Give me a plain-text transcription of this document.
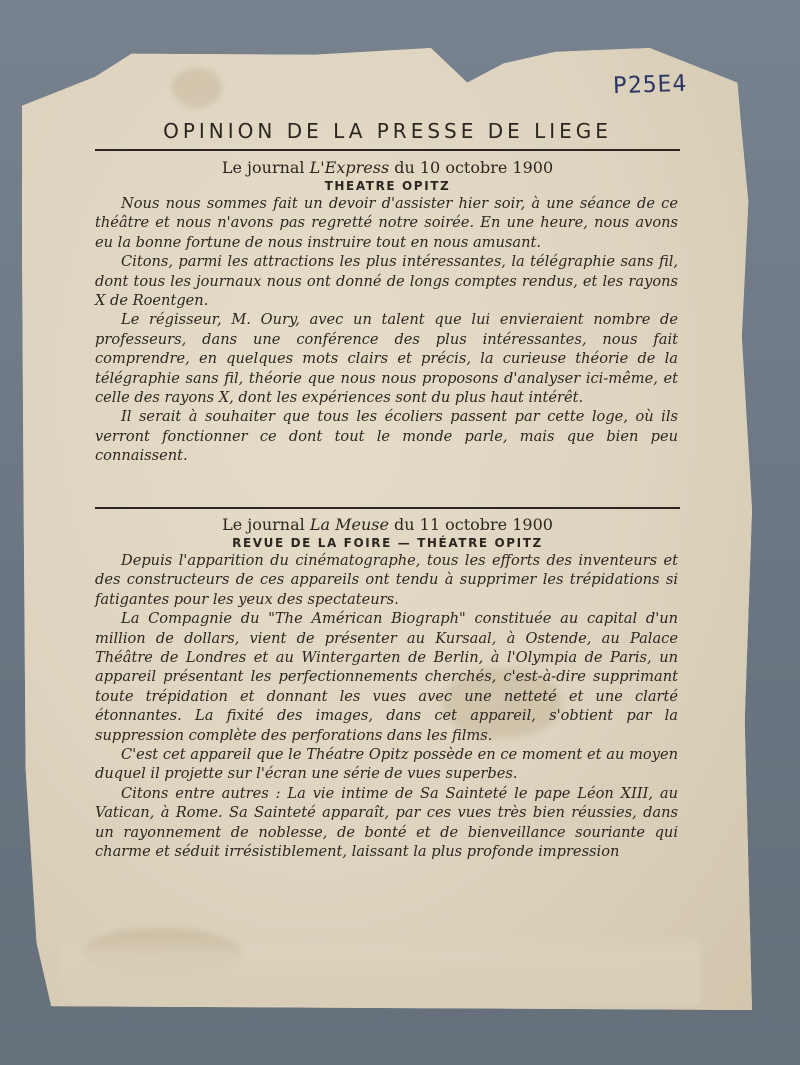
P25E4
OPINION DE LA PRESSE DE LIEGE
Le journal L'Express du 10 octobre 1900
THEATRE OPITZ

Nous nous sommes fait un devoir d'assister hier soir, à une séance de ce théâtre et nous n'avons pas regretté notre soirée. En une heure, nous avons eu la bonne fortune de nous instruire tout en nous amusant.

Citons, parmi les attractions les plus intéressantes, la télégraphie sans fil, dont tous les journaux nous ont donné de longs comptes rendus, et les rayons X de Roentgen.

Le régisseur, M. Oury, avec un talent que lui envieraient nombre de professeurs, dans une conférence des plus intéressantes, nous fait comprendre, en quelques mots clairs et précis, la curieuse théorie de la télégraphie sans fil, théorie que nous nous proposons d'analyser ici-même, et celle des rayons X, dont les expériences sont du plus haut intérêt.

Il serait à souhaiter que tous les écoliers passent par cette loge, où ils verront fonctionner ce dont tout le monde parle, mais que bien peu connaissent.

Le journal La Meuse du 11 octobre 1900
REVUE DE LA FOIRE — THÉATRE OPITZ

Depuis l'apparition du cinématographe, tous les efforts des inventeurs et des constructeurs de ces appareils ont tendu à supprimer les trépidations si fatigantes pour les yeux des spectateurs.

La Compagnie du "The Américan Biograph" constituée au capital d'un million de dollars, vient de présenter au Kursaal, à Ostende, au Palace Théâtre de Londres et au Wintergarten de Berlin, à l'Olympia de Paris, un appareil présentant les perfectionnements cherchés, c'est-à-dire supprimant toute trépidation et donnant les vues avec une netteté et une clarté étonnantes. La fixité des images, dans cet appareil, s'obtient par la suppression complète des perforations dans les films.

C'est cet appareil que le Théatre Opitz possède en ce moment et au moyen duquel il projette sur l'écran une série de vues superbes.

Citons entre autres : La vie intime de Sa Sainteté le pape Léon XIII, au Vatican, à Rome. Sa Sainteté apparaît, par ces vues très bien réussies, dans un rayonnement de noblesse, de bonté et de bienveillance souriante qui charme et séduit irrésistiblement, laissant la plus profonde impression
